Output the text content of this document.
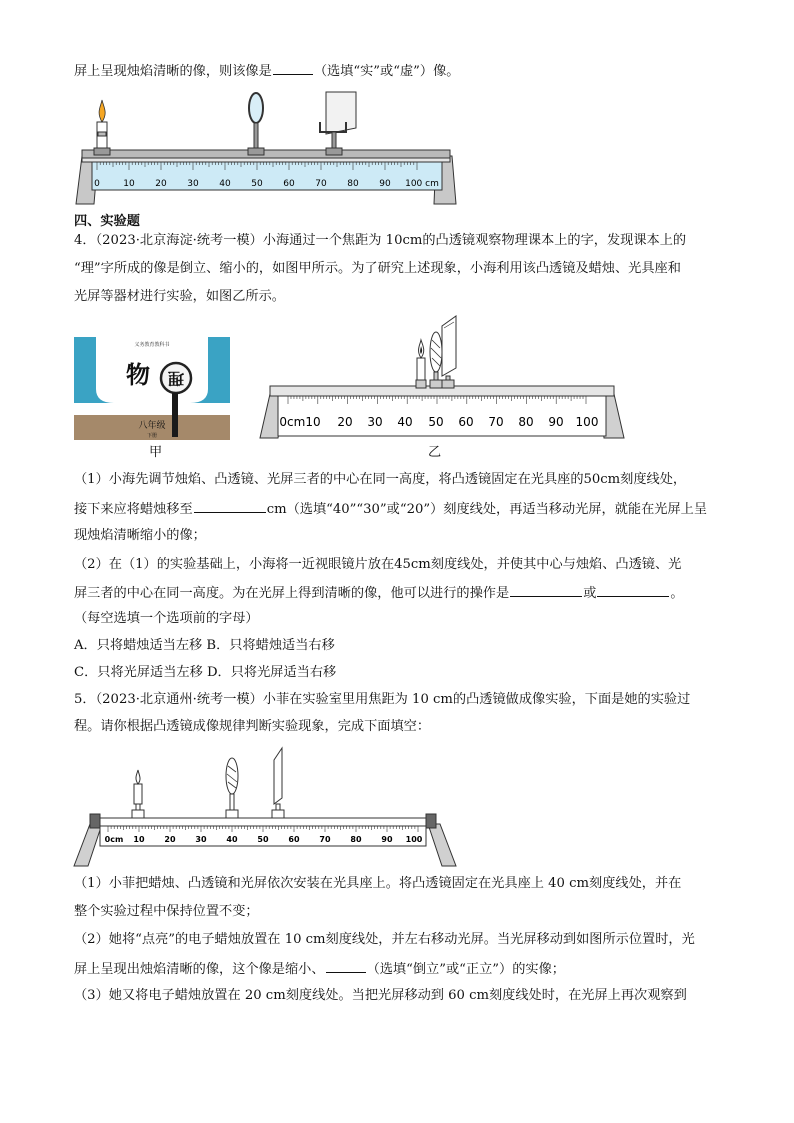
屏上呈现烛焰清晰的像，则该像是	（选填“实”或“虚”）像。
0	10 20 30 40 50 60 70 80 90 100 cm
四、实验题
4．（2023·北京海淀·统考一模）小海通过一个焦距为 10cm的凸透镜观察物理课本上的字，发现课本上的
“理”字所成的像是倒立、缩小的，如图甲所示。为了研究上述现象，小海利用该凸透镜及蜡烛、光具座和
光屏等器材进行实验，如图乙所示。
义务教育教科书
物 理
八年级
下册
0cm10 20 30 40 50 60 70 80 90 100
甲	乙
（1）小海先调节烛焰、凸透镜、光屏三者的中心在同一高度，将凸透镜固定在光具座的50cm刻度线处，
接下来应将蜡烛移至	cm（选填“40”“30”或“20”）刻度线处，再适当移动光屏，就能在光屏上呈
现烛焰清晰缩小的像；
（2）在（1）的实验基础上，小海将一近视眼镜片放在45cm刻度线处，并使其中心与烛焰、凸透镜、光
屏三者的中心在同一高度。为在光屏上得到清晰的像，他可以进行的操作是	或	。
（每空选填一个选项前的字母）
A．只将蜡烛适当左移 B．只将蜡烛适当右移
C．只将光屏适当左移 D．只将光屏适当右移
5．（2023·北京通州·统考一模）小菲在实验室里用焦距为 10 cm的凸透镜做成像实验，下面是她的实验过
程。请你根据凸透镜成像规律判断实验现象，完成下面填空：
0cm 10 20 30 40 50 60 70 80 90 100
（1）小菲把蜡烛、凸透镜和光屏依次安装在光具座上。将凸透镜固定在光具座上 40 cm刻度线处，并在
整个实验过程中保持位置不变；
（2）她将“点亮”的电子蜡烛放置在 10 cm刻度线处，并左右移动光屏。当光屏移动到如图所示位置时，光
屏上呈现出烛焰清晰的像，这个像是缩小、	（选填“倒立”或“正立”）的实像；
（3）她又将电子蜡烛放置在 20 cm刻度线处。当把光屏移动到 60 cm刻度线处时，在光屏上再次观察到
